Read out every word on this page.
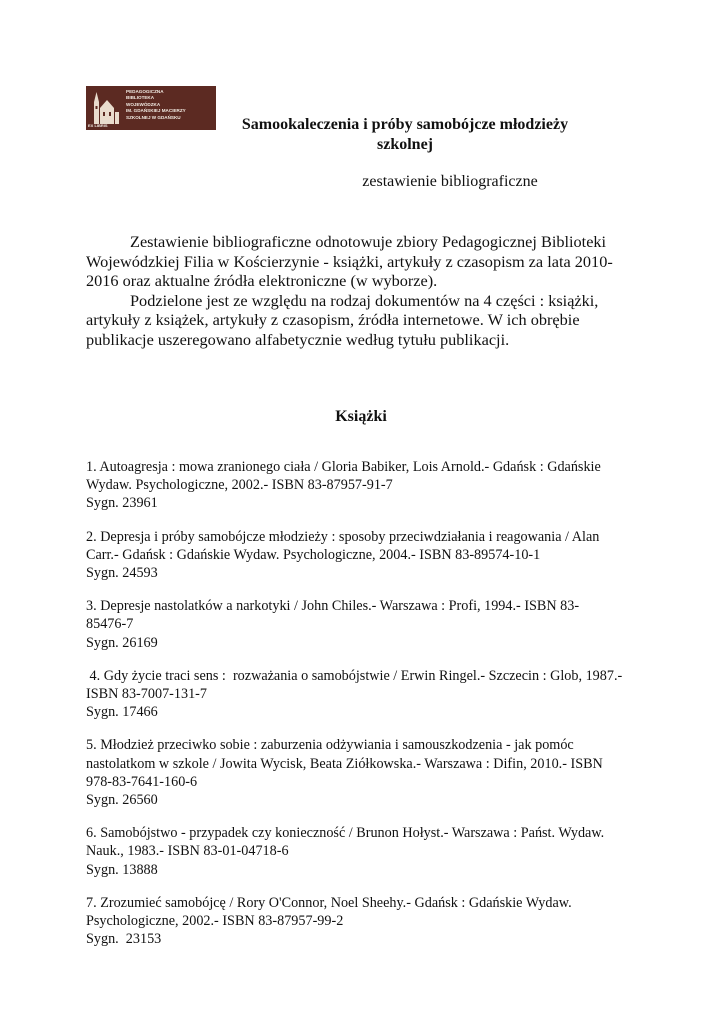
EX LIBRIS
PEDAGOGICZNA
BIBLIOTEKA
WOJEWÓDZKA
IM. GDAŃSKIEJ MACIERZY
SZKOLNEJ W GDAŃSKU	Samookaleczenia i próby samobójcze młodzieży
szkolnej
zestawienie bibliograficzne

Zestawienie bibliograficzne odnotowuje zbiory Pedagogicznej Biblioteki Wojewódzkiej Filia w Kościerzynie - książki, artykuły z czasopism za lata 2010-2016 oraz aktualne źródła elektroniczne (w wyborze).

Podzielone jest ze względu na rodzaj dokumentów na 4 części : książki, artykuły z książek, artykuły z czasopism, źródła internetowe. W ich obrębie publikacje uszeregowano alfabetycznie według tytułu publikacji.

Książki
1. Autoagresja : mowa zranionego ciała / Gloria Babiker, Lois Arnold.- Gdańsk : Gdańskie
Wydaw. Psychologiczne, 2002.- ISBN 83-87957-91-7
Sygn. 23961
2. Depresja i próby samobójcze młodzieży : sposoby przeciwdziałania i reagowania / Alan
Carr.- Gdańsk : Gdańskie Wydaw. Psychologiczne, 2004.- ISBN 83-89574-10-1
Sygn. 24593
3. Depresje nastolatków a narkotyki / John Chiles.- Warszawa : Profi, 1994.- ISBN 83-
85476-7
Sygn. 26169
4. Gdy życie traci sens :  rozważania o samobójstwie / Erwin Ringel.- Szczecin : Glob, 1987.-
ISBN 83-7007-131-7
Sygn. 17466
5. Młodzież przeciwko sobie : zaburzenia odżywiania i samouszkodzenia - jak pomóc
nastolatkom w szkole / Jowita Wycisk, Beata Ziółkowska.- Warszawa : Difin, 2010.- ISBN
978-83-7641-160-6
Sygn. 26560
6. Samobójstwo - przypadek czy konieczność / Brunon Hołyst.- Warszawa : Państ. Wydaw.
Nauk., 1983.- ISBN 83-01-04718-6
Sygn. 13888
7. Zrozumieć samobójcę / Rory O'Connor, Noel Sheehy.- Gdańsk : Gdańskie Wydaw.
Psychologiczne, 2002.- ISBN 83-87957-99-2
Sygn.  23153
